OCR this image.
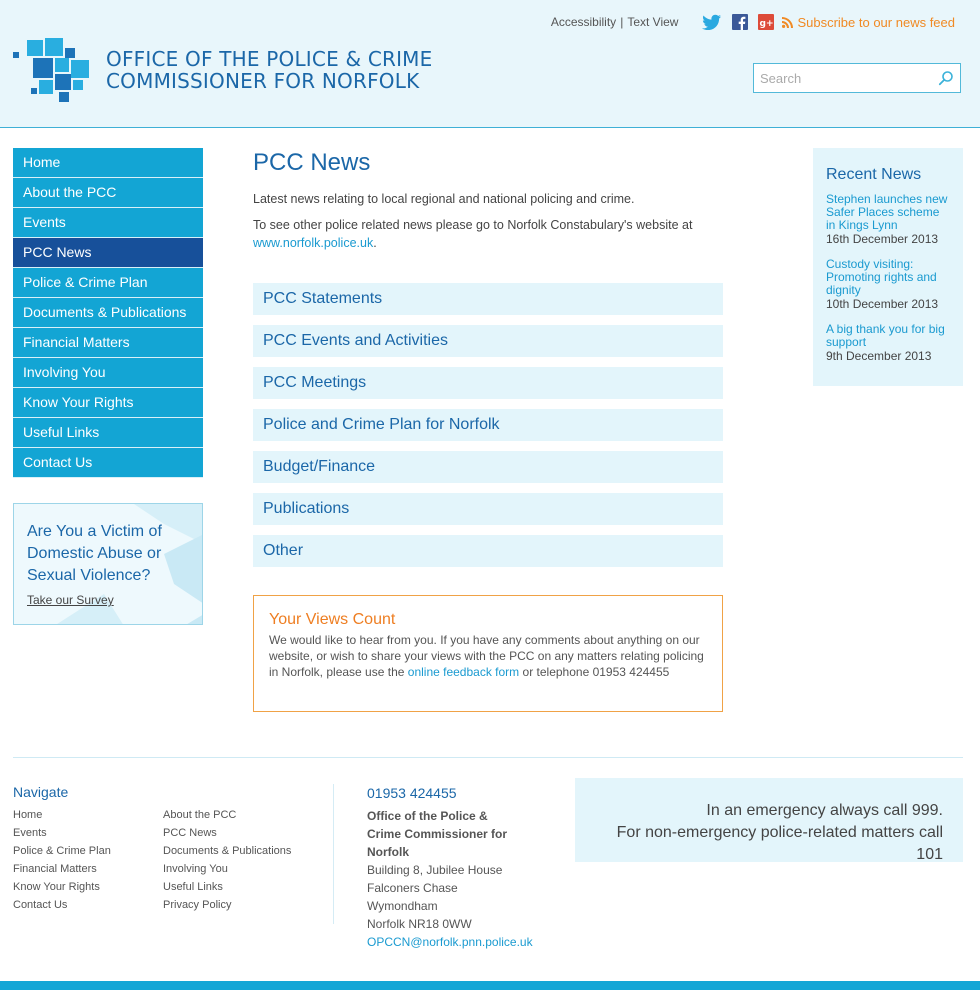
OFFICE OF THE POLICE & CRIME
COMMISSIONER FOR NORFOLK
Accessibility | Text View	g+ Subscribe to our news feed
Search
Home
About the PCC
Events
PCC News
Police & Crime Plan
Documents & Publications
Financial Matters
Involving You
Know Your Rights
Useful Links
Contact Us
Are You a Victim of Domestic Abuse or Sexual Violence?
Take our Survey
PCC News

Latest news relating to local regional and national policing and crime.

To see other police related news please go to Norfolk Constabulary's website at www.norfolk.police.uk.

PCC Statements
PCC Events and Activities
PCC Meetings
Police and Crime Plan for Norfolk
Budget/Finance
Publications
Other
Your Views Count
We would like to hear from you. If you have any comments about anything on our website, or wish to share your views with the PCC on any matters relating policing in Norfolk, please use the online feedback form or telephone 01953 424455
Recent News
Stephen launches new Safer Places scheme in Kings Lynn
16th December 2013
Custody visiting: Promoting rights and dignity
10th December 2013
A big thank you for big support
9th December 2013
Navigate
Home
Events
Police & Crime Plan
Financial Matters
Know Your Rights
Contact Us
About the PCC
PCC News
Documents & Publications
Involving You
Useful Links
Privacy Policy
01953 424455
Office of the Police & Crime Commissioner for Norfolk
Building 8, Jubilee House
Falconers Chase
Wymondham
Norfolk NR18 0WW
OPCCN@norfolk.pnn.police.uk
In an emergency always call 999.
For non-emergency police-related matters call 101
